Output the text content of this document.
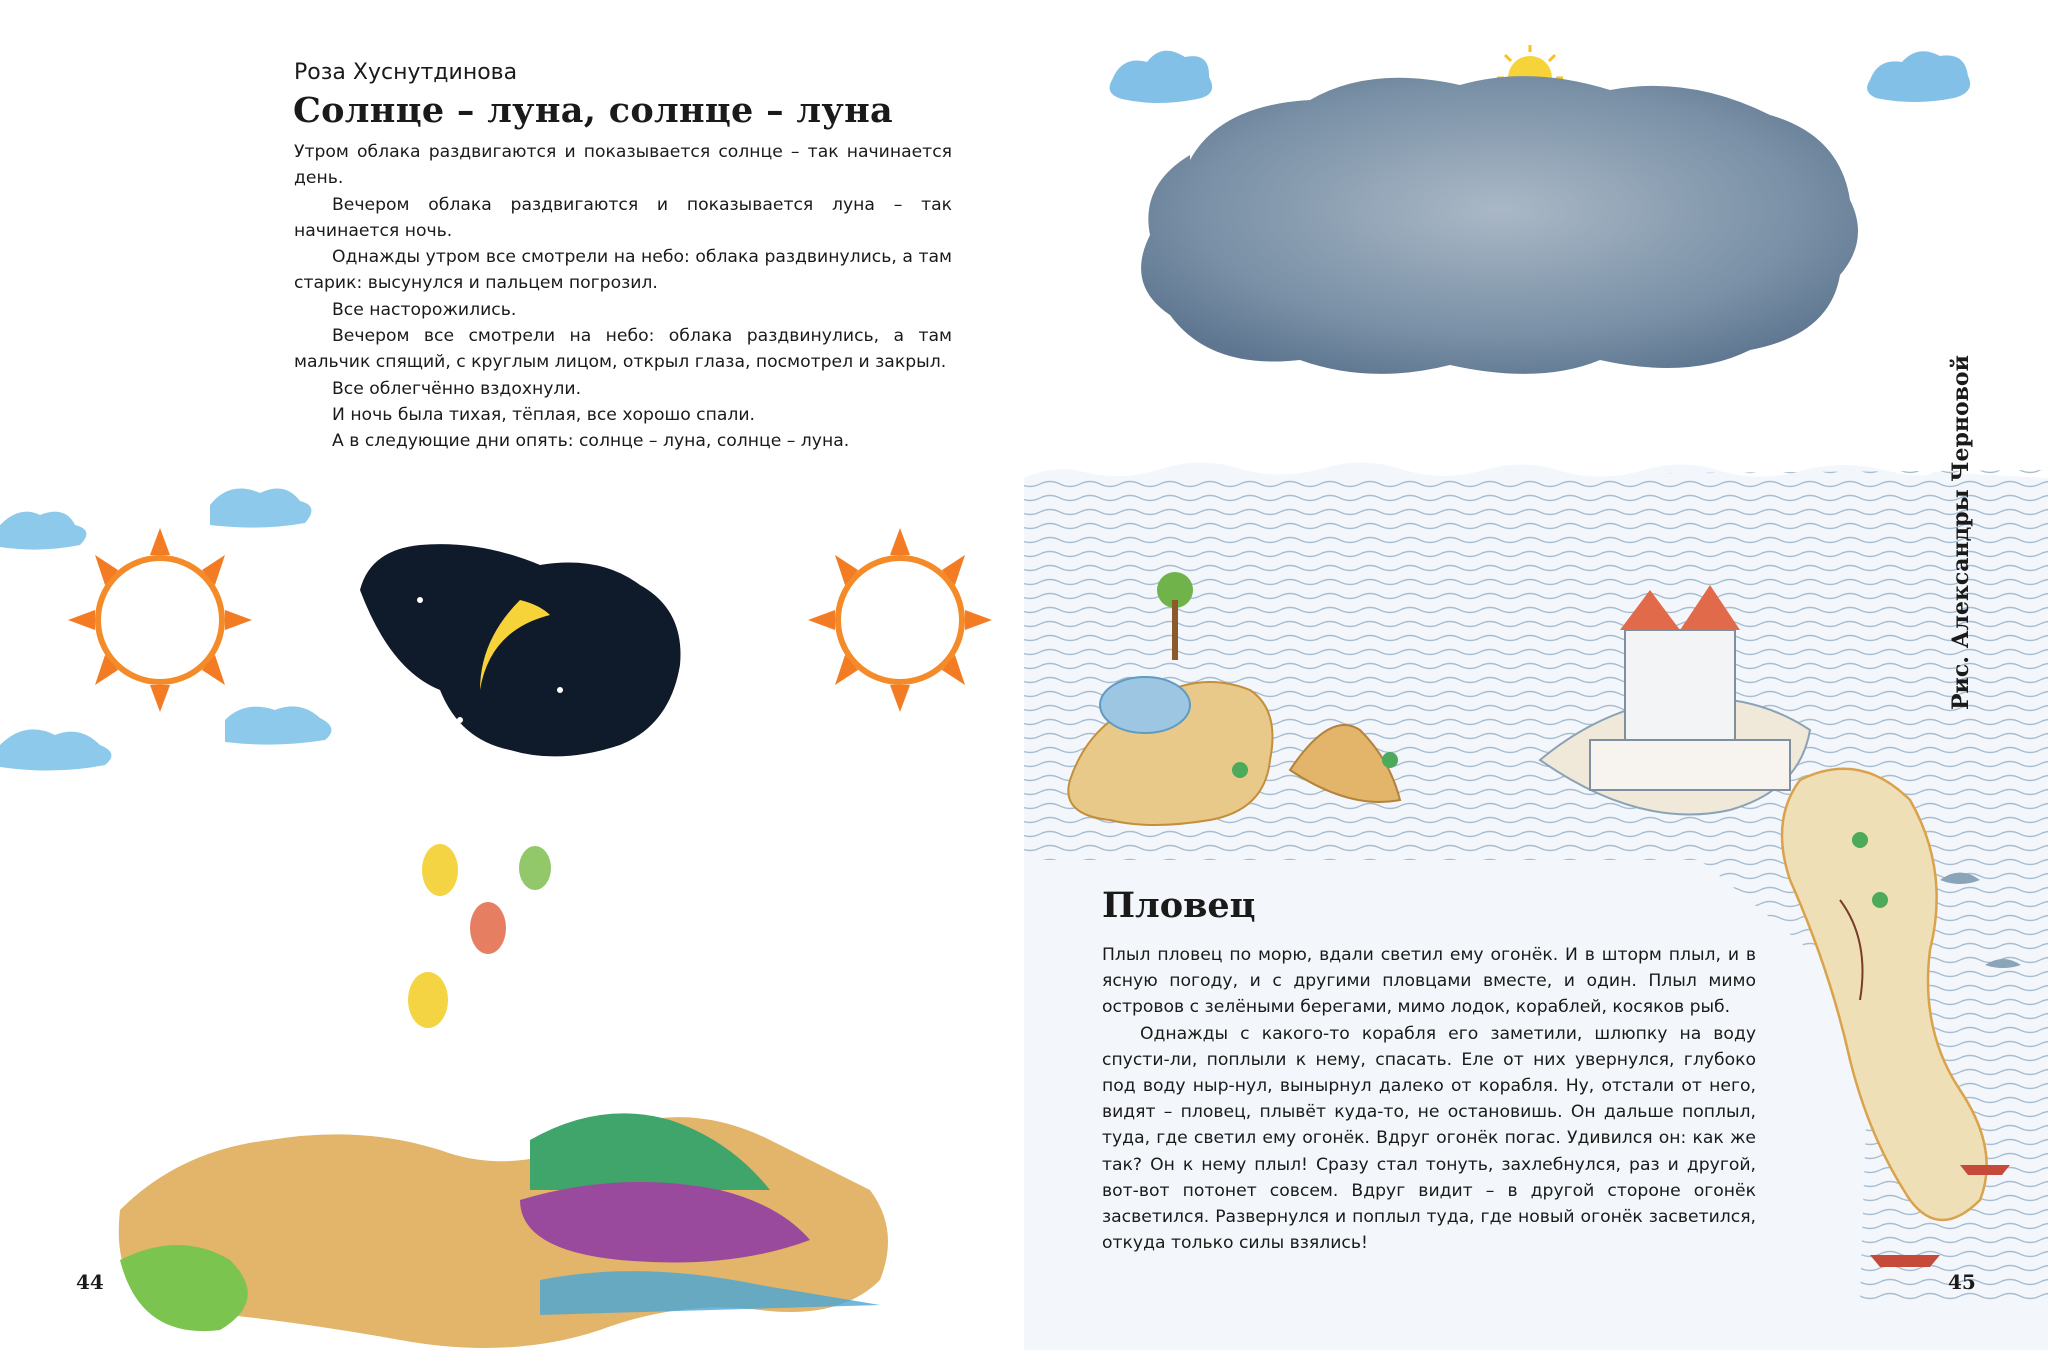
Роза Хуснутдинова
Солнце – луна, солнце – луна

Утром облака раздвигаются и показывается солнце – так начинается день.

Вечером облака раздвигаются и показывается луна – так начинается ночь.

Однажды утром все смотрели на небо: облака раздвинулись, а там старик: высунулся и пальцем погрозил.

Все насторожились.

Вечером все смотрели на небо: облака раздвинулись, а там мальчик спящий, с круглым лицом, открыл глаза, посмотрел и закрыл.

Все облегчённо вздохнули.

И ночь была тихая, тёплая, все хорошо спали.

А в следующие дни опять: солнце – луна, солнце – луна.

44
Пловец

Плыл пловец по морю, вдали светил ему огонёк. И в шторм плыл, и в ясную погоду, и с другими пловцами вместе, и один. Плыл мимо островов с зелёными берегами, мимо лодок, кораблей, косяков рыб.

Однажды с какого-то корабля его заметили, шлюпку на воду спусти-ли, поплыли к нему, спасать. Еле от них увернулся, глубоко под воду ныр-нул, вынырнул далеко от корабля. Ну, отстали от него, видят – пловец, плывёт куда-то, не остановишь. Он дальше поплыл, туда, где светил ему огонёк. Вдруг огонёк погас. Удивился он: как же так? Он к нему плыл! Сразу стал тонуть, захлебнулся, раз и другой, вот-вот потонет совсем. Вдруг видит – в другой стороне огонёк засветился. Развернулся и поплыл туда, где новый огонёк засветился, откуда только силы взялись!

Рис. Александры Черновой
45
